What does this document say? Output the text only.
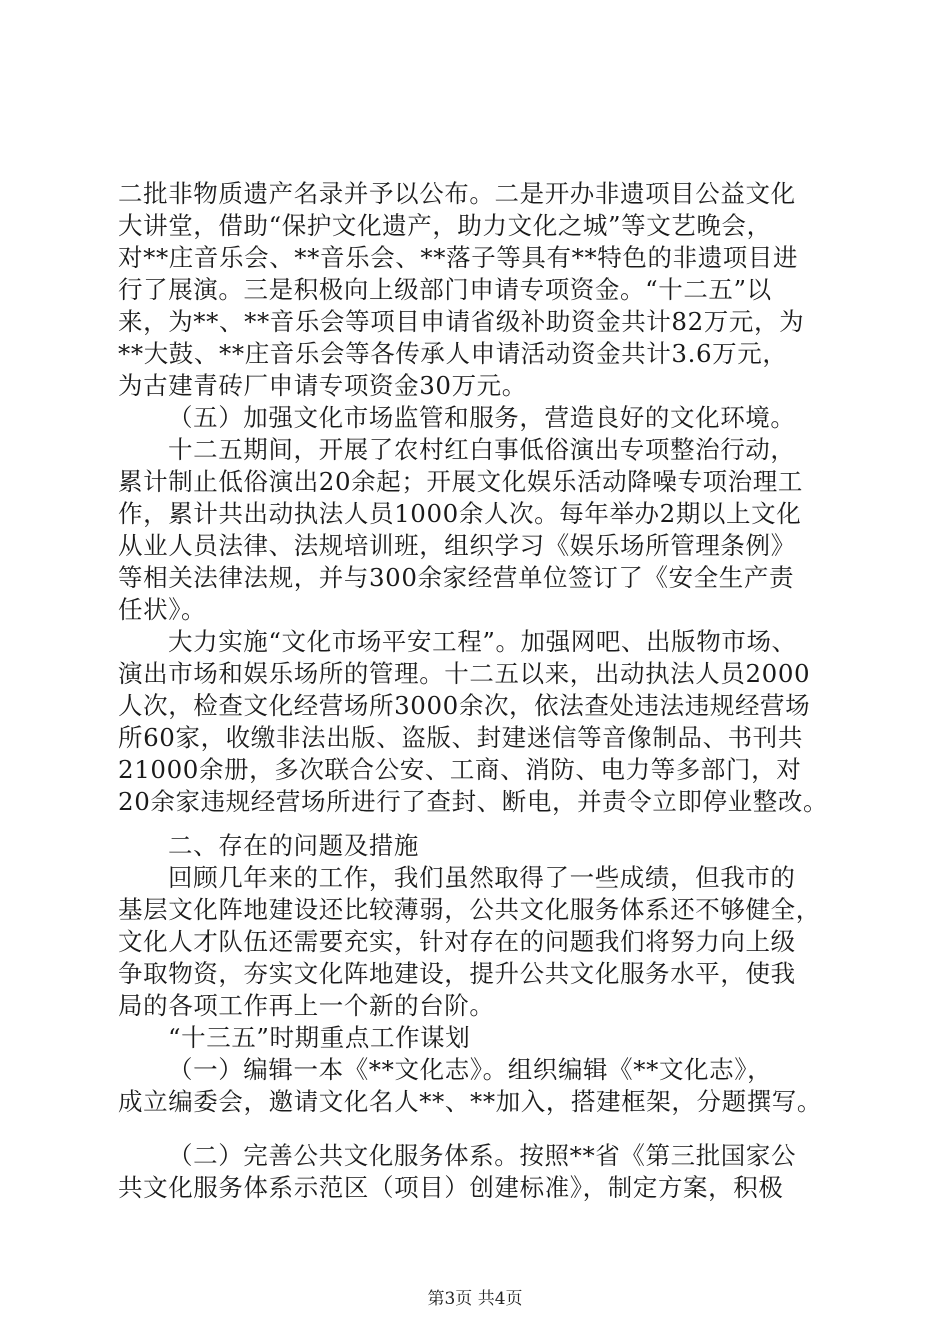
二批非物质遗产名录并予以公布。二是开办非遗项目公益文化
大讲堂，借助“保护文化遗产，助力文化之城”等文艺晚会，
对**庄音乐会、**音乐会、**落子等具有**特色的非遗项目进
行了展演。三是积极向上级部门申请专项资金。“十二五”以
来，为**、**音乐会等项目申请省级补助资金共计82万元，为
**大鼓、**庄音乐会等各传承人申请活动资金共计3.6万元，
为古建青砖厂申请专项资金30万元。
（五）加强文化市场监管和服务，营造良好的文化环境。
十二五期间，开展了农村红白事低俗演出专项整治行动，
累计制止低俗演出20余起；开展文化娱乐活动降噪专项治理工
作，累计共出动执法人员1000余人次。每年举办2期以上文化
从业人员法律、法规培训班，组织学习《娱乐场所管理条例》
等相关法律法规，并与300余家经营单位签订了《安全生产责
任状》。
大力实施“文化市场平安工程”。加强网吧、出版物市场、
演出市场和娱乐场所的管理。十二五以来，出动执法人员2000
人次，检查文化经营场所3000余次，依法查处违法违规经营场
所60家，收缴非法出版、盗版、封建迷信等音像制品、书刊共
21000余册，多次联合公安、工商、消防、电力等多部门，对
20余家违规经营场所进行了查封、断电，并责令立即停业整改。
二、存在的问题及措施
回顾几年来的工作，我们虽然取得了一些成绩，但我市的
基层文化阵地建设还比较薄弱，公共文化服务体系还不够健全，
文化人才队伍还需要充实，针对存在的问题我们将努力向上级
争取物资，夯实文化阵地建设，提升公共文化服务水平，使我
局的各项工作再上一个新的台阶。
“十三五”时期重点工作谋划
（一）编辑一本《**文化志》。组织编辑《**文化志》，
成立编委会，邀请文化名人**、**加入，搭建框架，分题撰写。
（二）完善公共文化服务体系。按照**省《第三批国家公
共文化服务体系示范区（项目）创建标准》，制定方案，积极
第3页 共4页
